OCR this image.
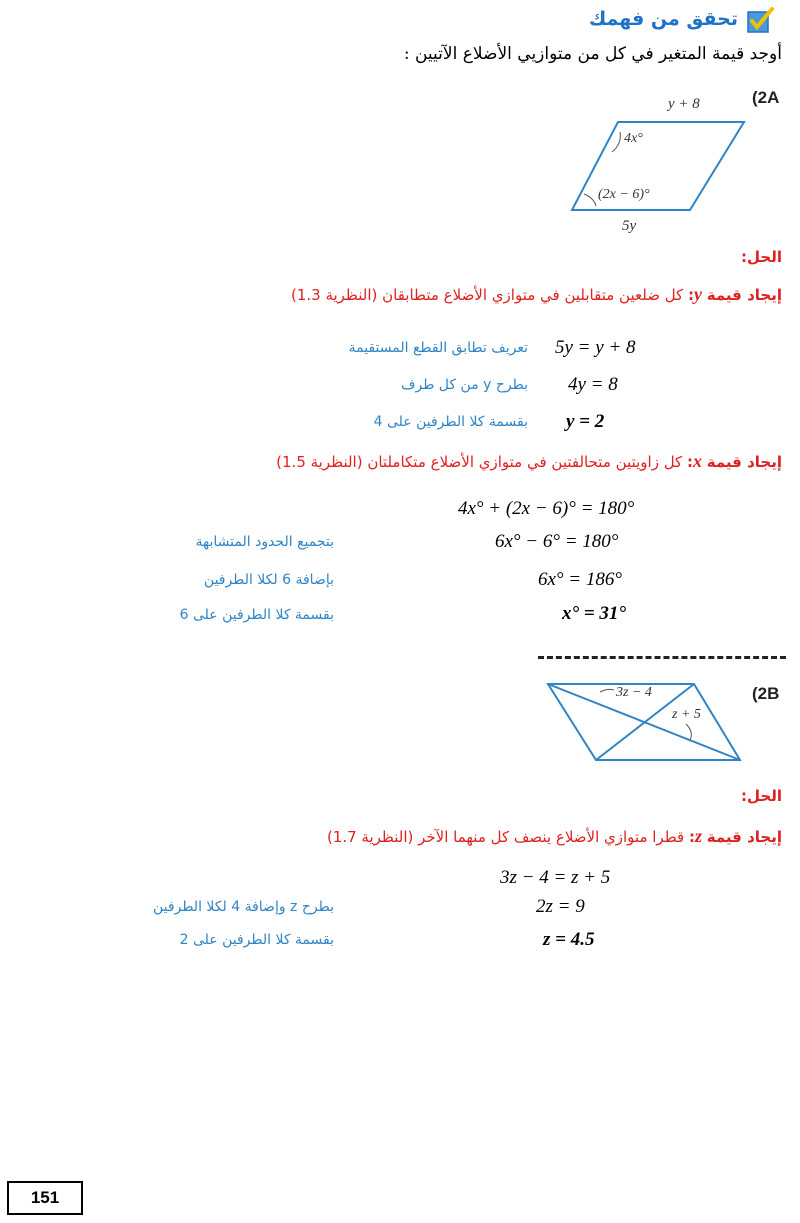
تحقق من فهمك
أوجد قيمة المتغير في كل من متوازيي الأضلاع الآتيين :
(2A
y + 8
4x°
(2x − 6)°
5y
الحل:
إيجاد قيمة y: كل ضلعين متقابلين في متوازي الأضلاع متطابقان (النظرية 1.3)
5y = y + 8
تعريف تطابق القطع المستقيمة
4y = 8
بطرح y من كل طرف
y = 2
بقسمة كلا الطرفين على 4
إيجاد قيمة x: كل زاويتين متحالفتين في متوازي الأضلاع متكاملتان (النظرية 1.5)
4x° + (2x − 6)° = 180°
6x° − 6° = 180°
بتجميع الحدود المتشابهة
6x° = 186°
بإضافة 6 لكلا الطرفين
x° = 31°
بقسمة كلا الطرفين على 6
(2B
3z − 4
z + 5
الحل:
إيجاد قيمة z: قطرا متوازي الأضلاع ينصف كل منهما الآخر (النظرية 1.7)
3z − 4 = z + 5
2z = 9
بطرح z وإضافة 4 لكلا الطرفين
z = 4.5
بقسمة كلا الطرفين على 2
151
